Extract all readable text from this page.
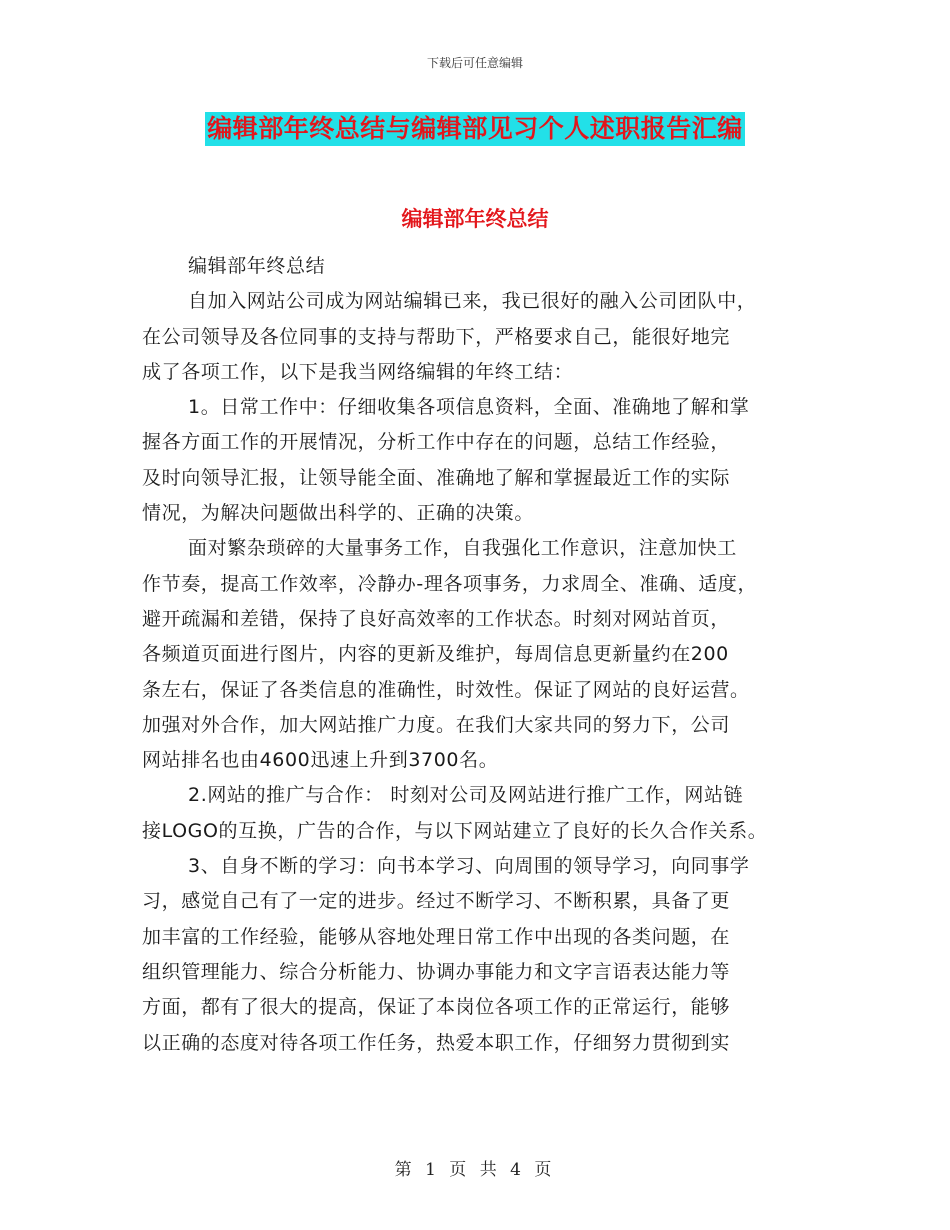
下载后可任意编辑
编辑部年终总结与编辑部见习个人述职报告汇编
编辑部年终总结
编辑部年终总结
自加入网站公司成为网站编辑已来，我已很好的融入公司团队中，
在公司领导及各位同事的支持与帮助下，严格要求自己，能很好地完
成了各项工作，以下是我当网络编辑的年终工结：
1。日常工作中：仔细收集各项信息资料，全面、准确地了解和掌
握各方面工作的开展情况，分析工作中存在的问题，总结工作经验，
及时向领导汇报，让领导能全面、准确地了解和掌握最近工作的实际
情况，为解决问题做出科学的、正确的决策。
面对繁杂琐碎的大量事务工作，自我强化工作意识，注意加快工
作节奏，提高工作效率，冷静办-理各项事务，力求周全、准确、适度，
避开疏漏和差错，保持了良好高效率的工作状态。时刻对网站首页，
各频道页面进行图片，内容的更新及维护，每周信息更新量约在200
条左右，保证了各类信息的准确性，时效性。保证了网站的良好运营。
加强对外合作，加大网站推广力度。在我们大家共同的努力下，公司
网站排名也由4600迅速上升到3700名。
2.网站的推广与合作： 时刻对公司及网站进行推广工作，网站链
接LOGO的互换，广告的合作，与以下网站建立了良好的长久合作关系。
3、自身不断的学习：向书本学习、向周围的领导学习，向同事学
习，感觉自己有了一定的进步。经过不断学习、不断积累，具备了更
加丰富的工作经验，能够从容地处理日常工作中出现的各类问题，在
组织管理能力、综合分析能力、协调办事能力和文字言语表达能力等
方面，都有了很大的提高，保证了本岗位各项工作的正常运行，能够
以正确的态度对待各项工作任务，热爱本职工作，仔细努力贯彻到实
第 1 页 共 4 页
